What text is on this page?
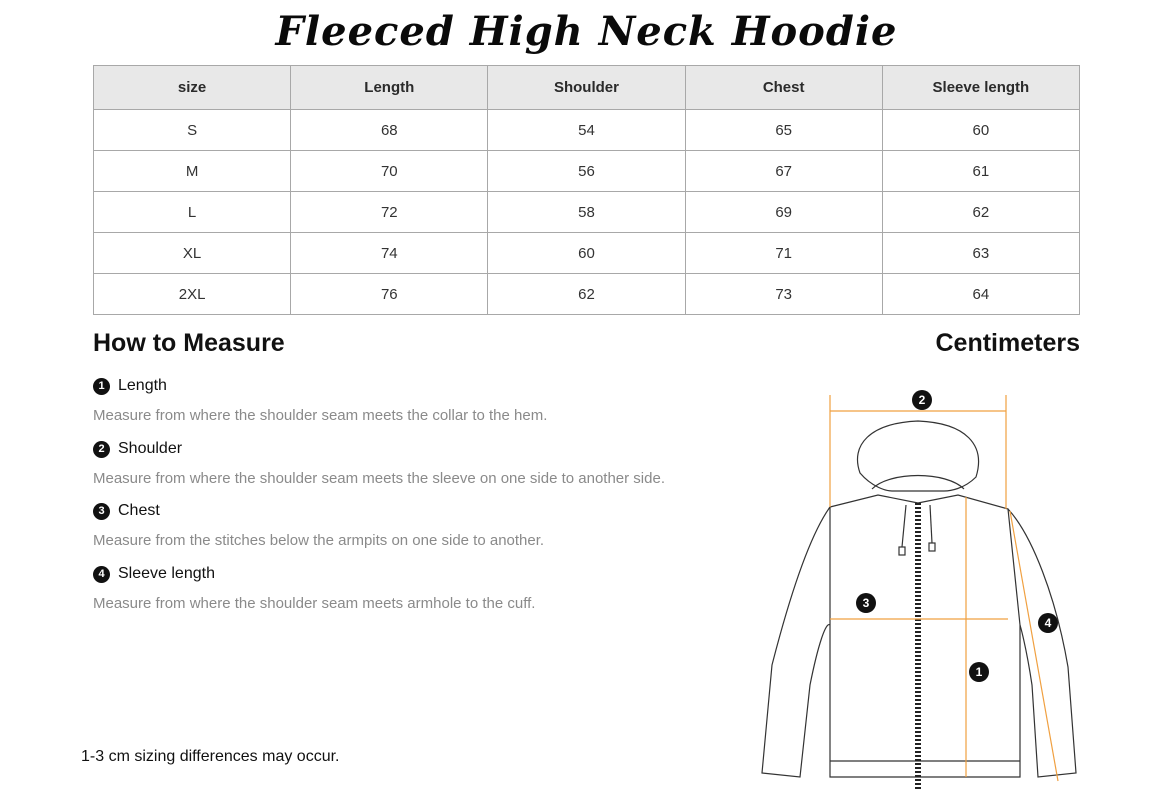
Fleeced High Neck Hoodie
size	Length	Shoulder	Chest	Sleeve length
S	68	54	65	60
M	70	56	67	61
L	72	58	69	62
XL	74	60	71	63
2XL	76	62	73	64
How to Measure	Centimeters
1 Length
Measure from where the shoulder seam meets the collar to the hem.
2 Shoulder
Measure from where the shoulder seam meets the sleeve on one side to another side.
3 Chest
Measure from the stitches below the armpits on one side to another.
4 Sleeve length
Measure from where the shoulder seam meets armhole to the cuff.
1-3 cm sizing differences may occur.
2
3
1
4
